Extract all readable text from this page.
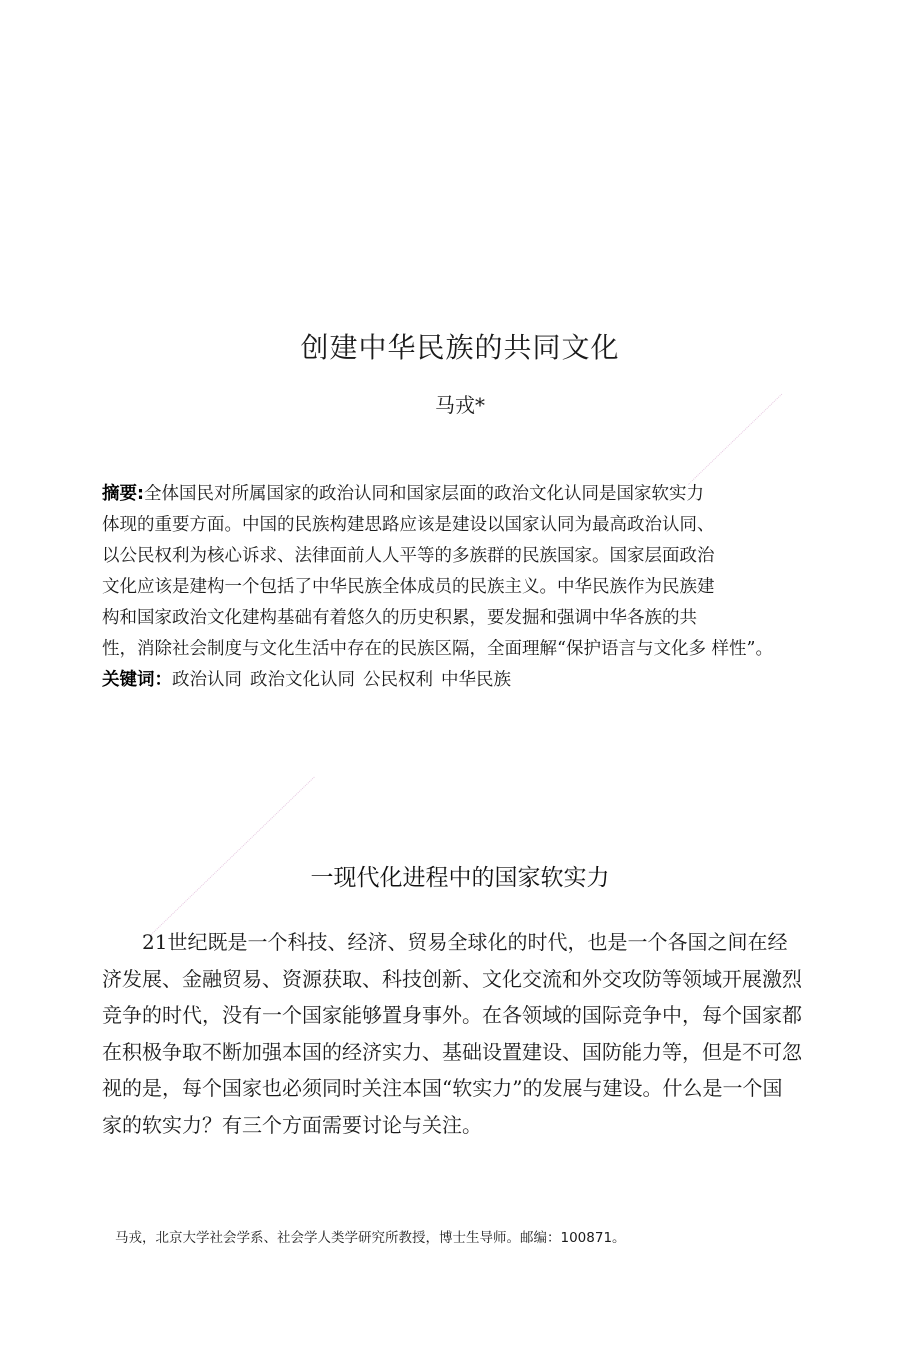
创建中华民族的共同文化
马戎*
摘要:全体国民对所属国家的政治认同和国家层面的政治文化认同是国家软实力
体现的重要方面。中国的民族构建思路应该是建设以国家认同为最高政治认同、
以公民权利为核心诉求、法律面前人人平等的多族群的民族国家。国家层面政治
文化应该是建构一个包括了中华民族全体成员的民族主义。中华民族作为民族建
构和国家政治文化建构基础有着悠久的历史积累，要发掘和强调中华各族的共
性，消除社会制度与文化生活中存在的民族区隔，全面理解“保护语言与文化多 样性”。
关键词：政治认同 政治文化认同 公民权利 中华民族
一现代化进程中的国家软实力
21世纪既是一个科技、经济、贸易全球化的时代，也是一个各国之间在经
济发展、金融贸易、资源获取、科技创新、文化交流和外交攻防等领域开展激烈
竞争的时代，没有一个国家能够置身事外。在各领域的国际竞争中，每个国家都
在积极争取不断加强本国的经济实力、基础设置建设、国防能力等，但是不可忽
视的是，每个国家也必须同时关注本国“软实力”的发展与建设。什么是一个国
家的软实力？有三个方面需要讨论与关注。
马戎，北京大学社会学系、社会学人类学研究所教授，博士生导师。邮编：100871。
